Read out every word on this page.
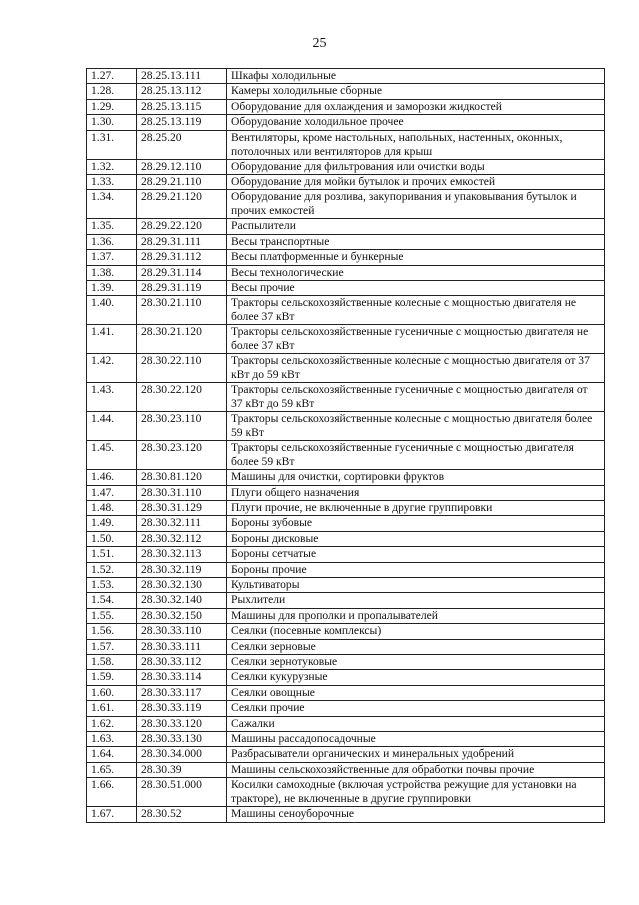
25
1.27.	28.25.13.111	Шкафы холодильные
1.28.	28.25.13.112	Камеры холодильные сборные
1.29.	28.25.13.115	Оборудование для охлаждения и заморозки жидкостей
1.30.	28.25.13.119	Оборудование холодильное прочее
1.31.	28.25.20	Вентиляторы, кроме настольных, напольных, настенных, оконных, потолочных или вентиляторов для крыш
1.32.	28.29.12.110	Оборудование для фильтрования или очистки воды
1.33.	28.29.21.110	Оборудование для мойки бутылок и прочих емкостей
1.34.	28.29.21.120	Оборудование для розлива, закупоривания и упаковывания бутылок и прочих емкостей
1.35.	28.29.22.120	Распылители
1.36.	28.29.31.111	Весы транспортные
1.37.	28.29.31.112	Весы платформенные и бункерные
1.38.	28.29.31.114	Весы технологические
1.39.	28.29.31.119	Весы прочие
1.40.	28.30.21.110	Тракторы сельскохозяйственные колесные с мощностью двигателя не более 37 кВт
1.41.	28.30.21.120	Тракторы сельскохозяйственные гусеничные с мощностью двигателя не более 37 кВт
1.42.	28.30.22.110	Тракторы сельскохозяйственные колесные с мощностью двигателя от 37 кВт до 59 кВт
1.43.	28.30.22.120	Тракторы сельскохозяйственные гусеничные с мощностью двигателя от 37 кВт до 59 кВт
1.44.	28.30.23.110	Тракторы сельскохозяйственные колесные с мощностью двигателя более 59 кВт
1.45.	28.30.23.120	Тракторы сельскохозяйственные гусеничные с мощностью двигателя более 59 кВт
1.46.	28.30.81.120	Машины для очистки, сортировки фруктов
1.47.	28.30.31.110	Плуги общего назначения
1.48.	28.30.31.129	Плуги прочие, не включенные в другие группировки
1.49.	28.30.32.111	Бороны зубовые
1.50.	28.30.32.112	Бороны дисковые
1.51.	28.30.32.113	Бороны сетчатые
1.52.	28.30.32.119	Бороны прочие
1.53.	28.30.32.130	Культиваторы
1.54.	28.30.32.140	Рыхлители
1.55.	28.30.32.150	Машины для прополки и пропалывателей
1.56.	28.30.33.110	Сеялки (посевные комплексы)
1.57.	28.30.33.111	Сеялки зерновые
1.58.	28.30.33.112	Сеялки зернотуковые
1.59.	28.30.33.114	Сеялки кукурузные
1.60.	28.30.33.117	Сеялки овощные
1.61.	28.30.33.119	Сеялки прочие
1.62.	28.30.33.120	Сажалки
1.63.	28.30.33.130	Машины рассадопосадочные
1.64.	28.30.34.000	Разбрасыватели органических и минеральных удобрений
1.65.	28.30.39	Машины сельскохозяйственные для обработки почвы прочие
1.66.	28.30.51.000	Косилки самоходные (включая устройства режущие для установки на тракторе), не включенные в другие группировки
1.67.	28.30.52	Машины сеноуборочные
